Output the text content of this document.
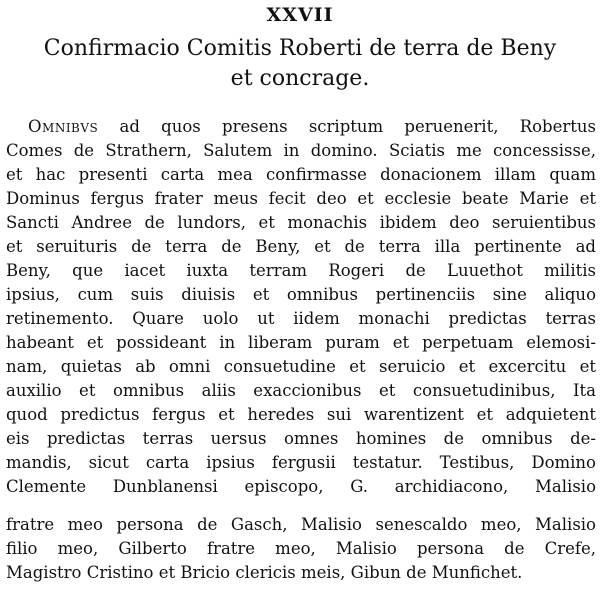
XXVII
Confirmacio Comitis Roberti de terra de Beny
et concrage.
Omnibvs ad quos presens scriptum peruenerit, Robertus
Comes de Strathern, Salutem in domino. Sciatis me concessisse,
et hac presenti carta mea confirmasse donacionem illam quam
Dominus fergus frater meus fecit deo et ecclesie beate Marie et
Sancti Andree de lundors, et monachis ibidem deo seruientibus
et seruituris de terra de Beny, et de terra illa pertinente ad
Beny, que iacet iuxta terram Rogeri de Luuethot militis
ipsius, cum suis diuisis et omnibus pertinenciis sine aliquo
retinemento. Quare uolo ut iidem monachi predictas terras
habeant et possideant in liberam puram et perpetuam elemosi-
nam, quietas ab omni consuetudine et seruicio et excercitu et
auxilio et omnibus aliis exaccionibus et consuetudinibus, Ita
quod predictus fergus et heredes sui warentizent et adquietent
eis predictas terras uersus omnes homines de omnibus de-
mandis, sicut carta ipsius fergusii testatur. Testibus, Domino
Clemente Dunblanensi episcopo, G. archidiacono, Malisio
fratre meo persona de Gasch, Malisio senescaldo meo, Malisio
filio meo, Gilberto fratre meo, Malisio persona de Crefe,
Magistro Cristino et Bricio clericis meis, Gibun de Munfichet.
